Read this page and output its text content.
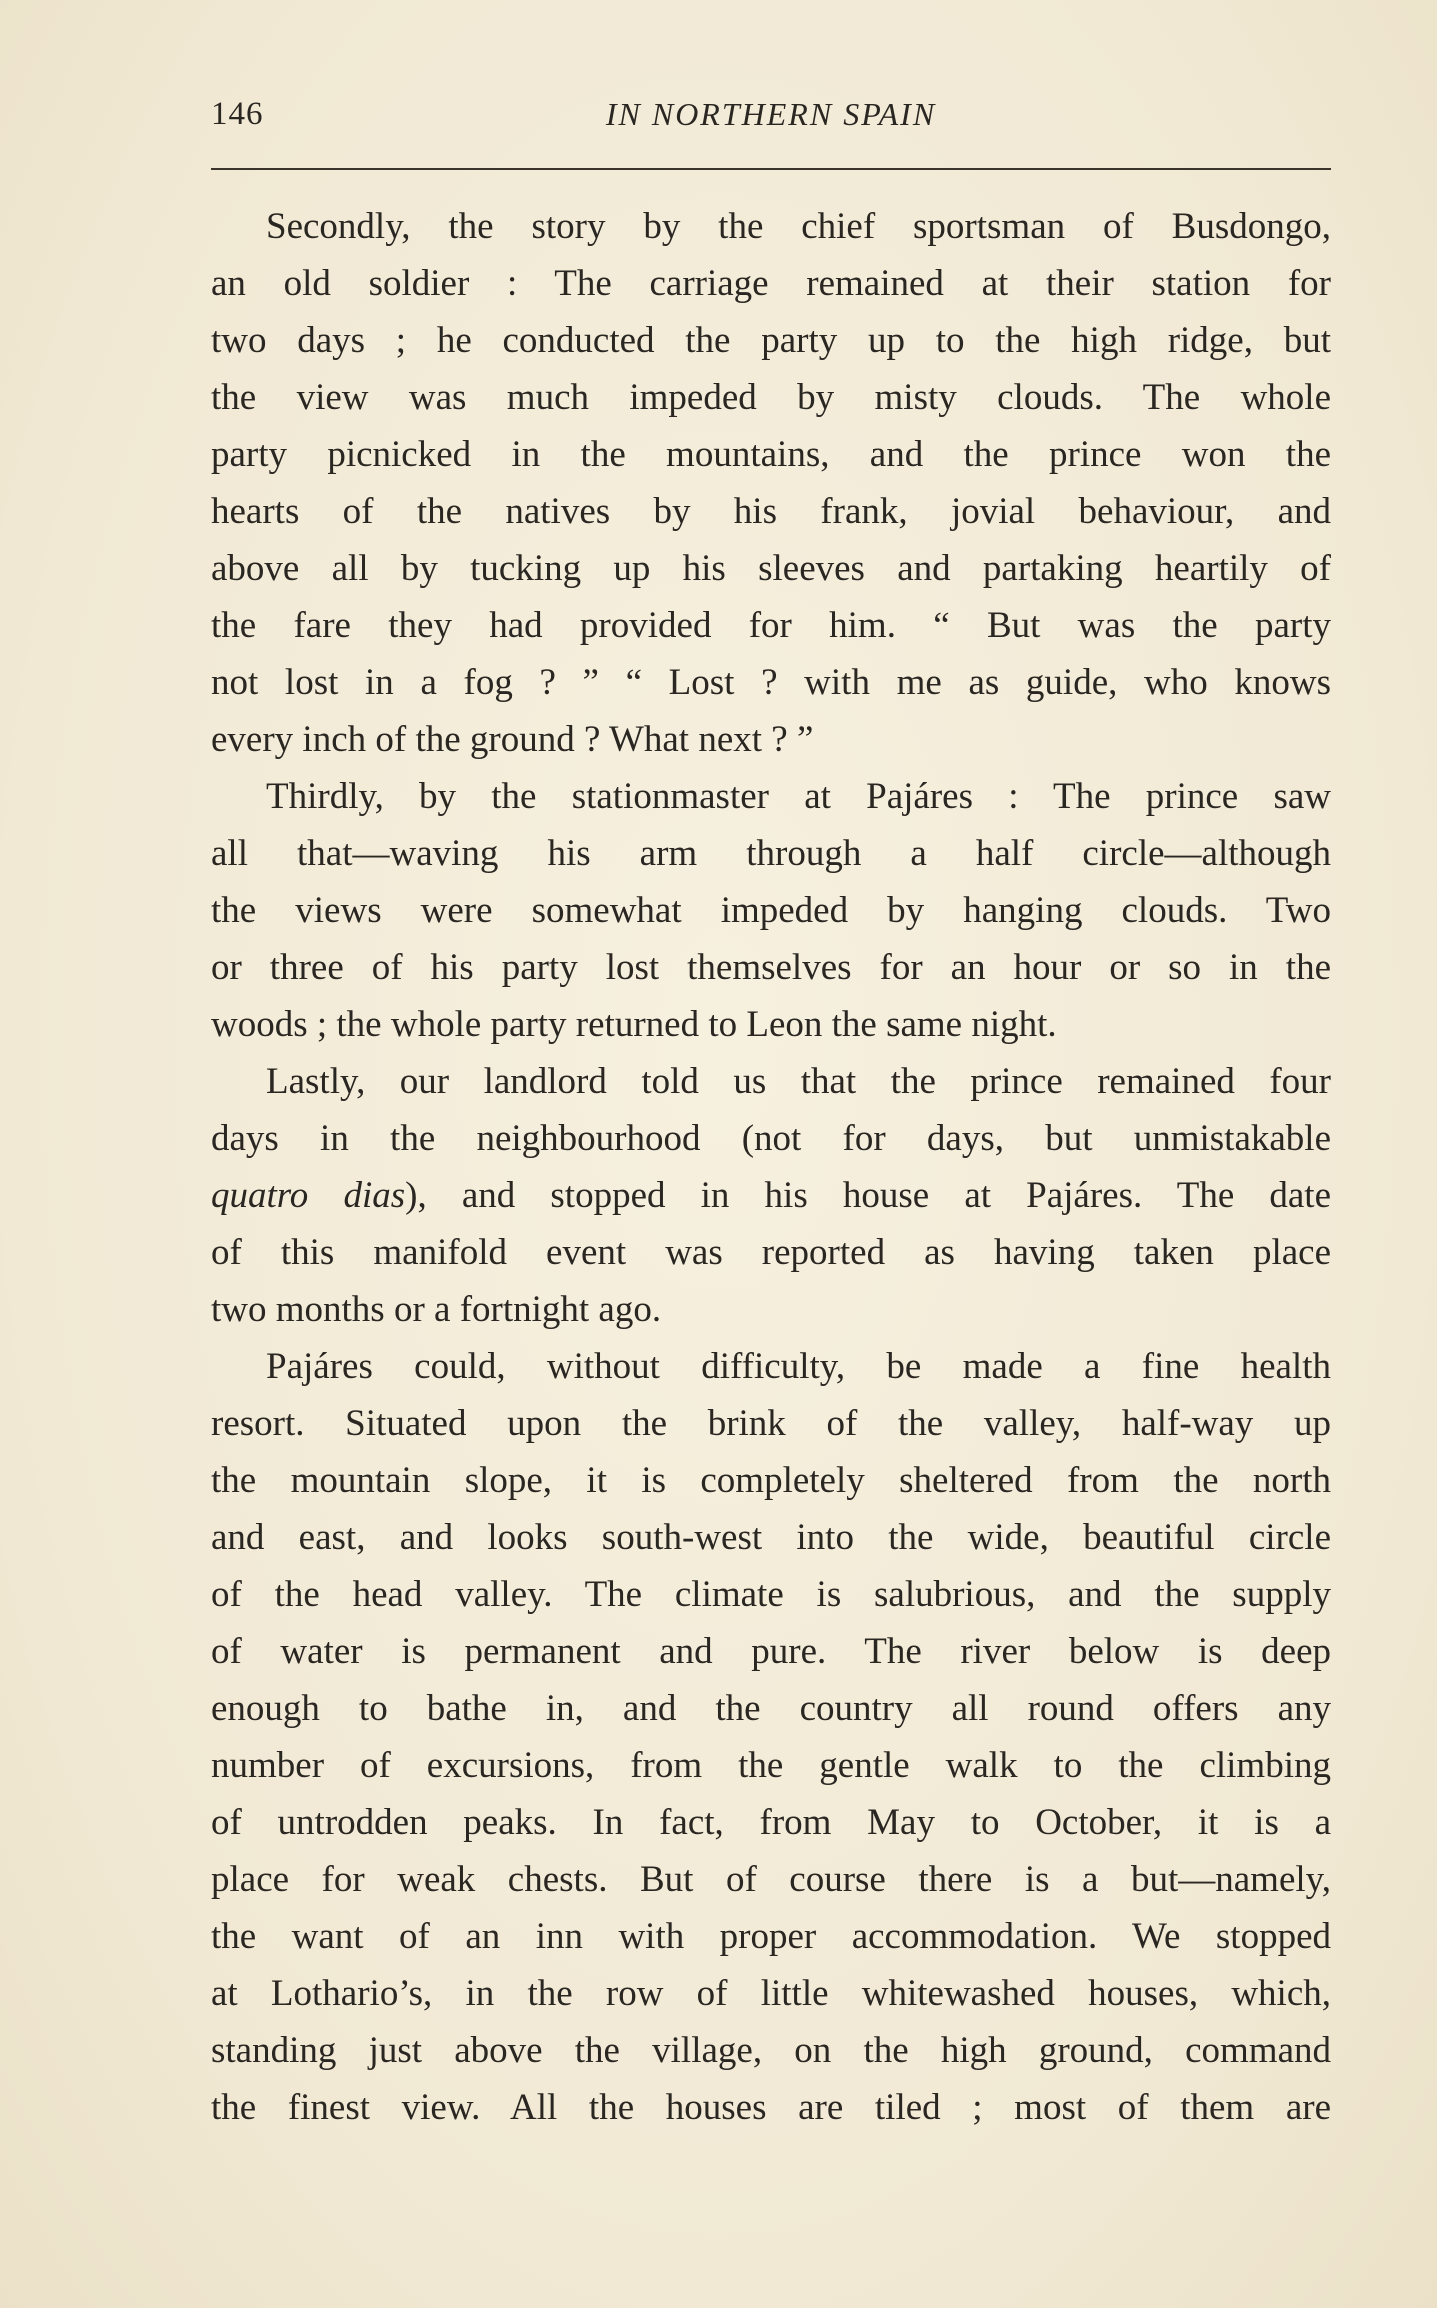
146	IN NORTHERN SPAIN
Secondly, the story by the chief sportsman of Busdongo,
an old soldier : The carriage remained at their station for
two days ; he conducted the party up to the high ridge, but
the view was much impeded by misty clouds. The whole
party picnicked in the mountains, and the prince won the
hearts of the natives by his frank, jovial behaviour, and
above all by tucking up his sleeves and partaking heartily of
the fare they had provided for him. “ But was the party
not lost in a fog ? ” “ Lost ? with me as guide, who knows
every inch of the ground ? What next ? ”
Thirdly, by the stationmaster at Pajáres : The prince saw
all that—waving his arm through a half circle—although
the views were somewhat impeded by hanging clouds. Two
or three of his party lost themselves for an hour or so in the
woods ; the whole party returned to Leon the same night.
Lastly, our landlord told us that the prince remained four
days in the neighbourhood (not for days, but unmistakable
quatro dias), and stopped in his house at Pajáres. The date
of this manifold event was reported as having taken place
two months or a fortnight ago.
Pajáres could, without difficulty, be made a fine health
resort. Situated upon the brink of the valley, half-way up
the mountain slope, it is completely sheltered from the north
and east, and looks south-west into the wide, beautiful circle
of the head valley. The climate is salubrious, and the supply
of water is permanent and pure. The river below is deep
enough to bathe in, and the country all round offers any
number of excursions, from the gentle walk to the climbing
of untrodden peaks. In fact, from May to October, it is a
place for weak chests. But of course there is a but—namely,
the want of an inn with proper accommodation. We stopped
at Lothario’s, in the row of little whitewashed houses, which,
standing just above the village, on the high ground, command
the finest view. All the houses are tiled ; most of them are
